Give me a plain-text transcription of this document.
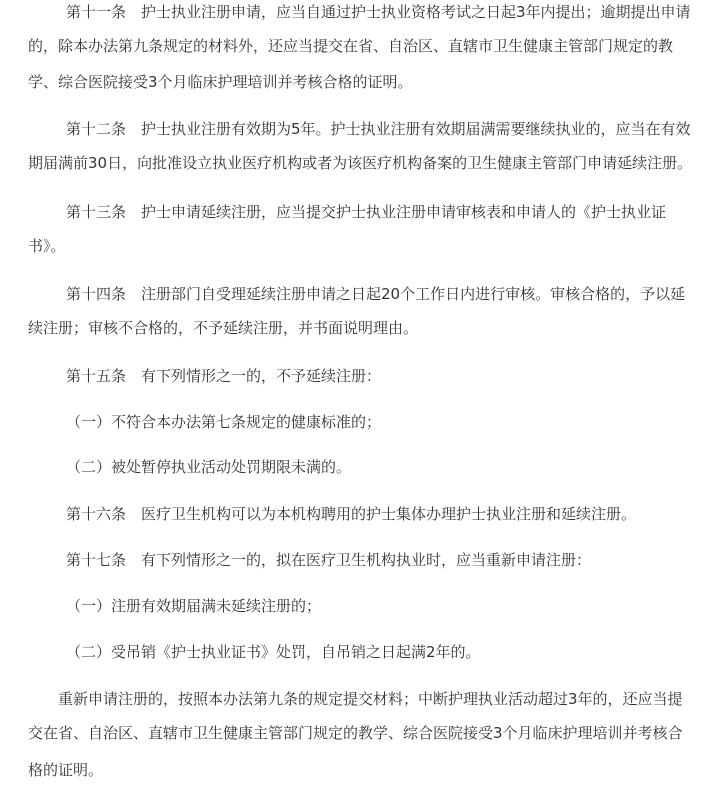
第十一条　护士执业注册申请，应当自通过护士执业资格考试之日起3年内提出；逾期提出申请
的，除本办法第九条规定的材料外，还应当提交在省、自治区、直辖市卫生健康主管部门规定的教
学、综合医院接受3个月临床护理培训并考核合格的证明。
第十二条　护士执业注册有效期为5年。护士执业注册有效期届满需要继续执业的，应当在有效
期届满前30日，向批准设立执业医疗机构或者为该医疗机构备案的卫生健康主管部门申请延续注册。
第十三条　护士申请延续注册，应当提交护士执业注册申请审核表和申请人的《护士执业证
书》。
第十四条　注册部门自受理延续注册申请之日起20个工作日内进行审核。审核合格的，予以延
续注册；审核不合格的，不予延续注册，并书面说明理由。
第十五条　有下列情形之一的，不予延续注册：
（一）不符合本办法第七条规定的健康标准的；
（二）被处暂停执业活动处罚期限未满的。
第十六条　医疗卫生机构可以为本机构聘用的护士集体办理护士执业注册和延续注册。
第十七条　有下列情形之一的，拟在医疗卫生机构执业时，应当重新申请注册：
（一）注册有效期届满未延续注册的；
（二）受吊销《护士执业证书》处罚，自吊销之日起满2年的。
重新申请注册的，按照本办法第九条的规定提交材料；中断护理执业活动超过3年的，还应当提
交在省、自治区、直辖市卫生健康主管部门规定的教学、综合医院接受3个月临床护理培训并考核合
格的证明。
